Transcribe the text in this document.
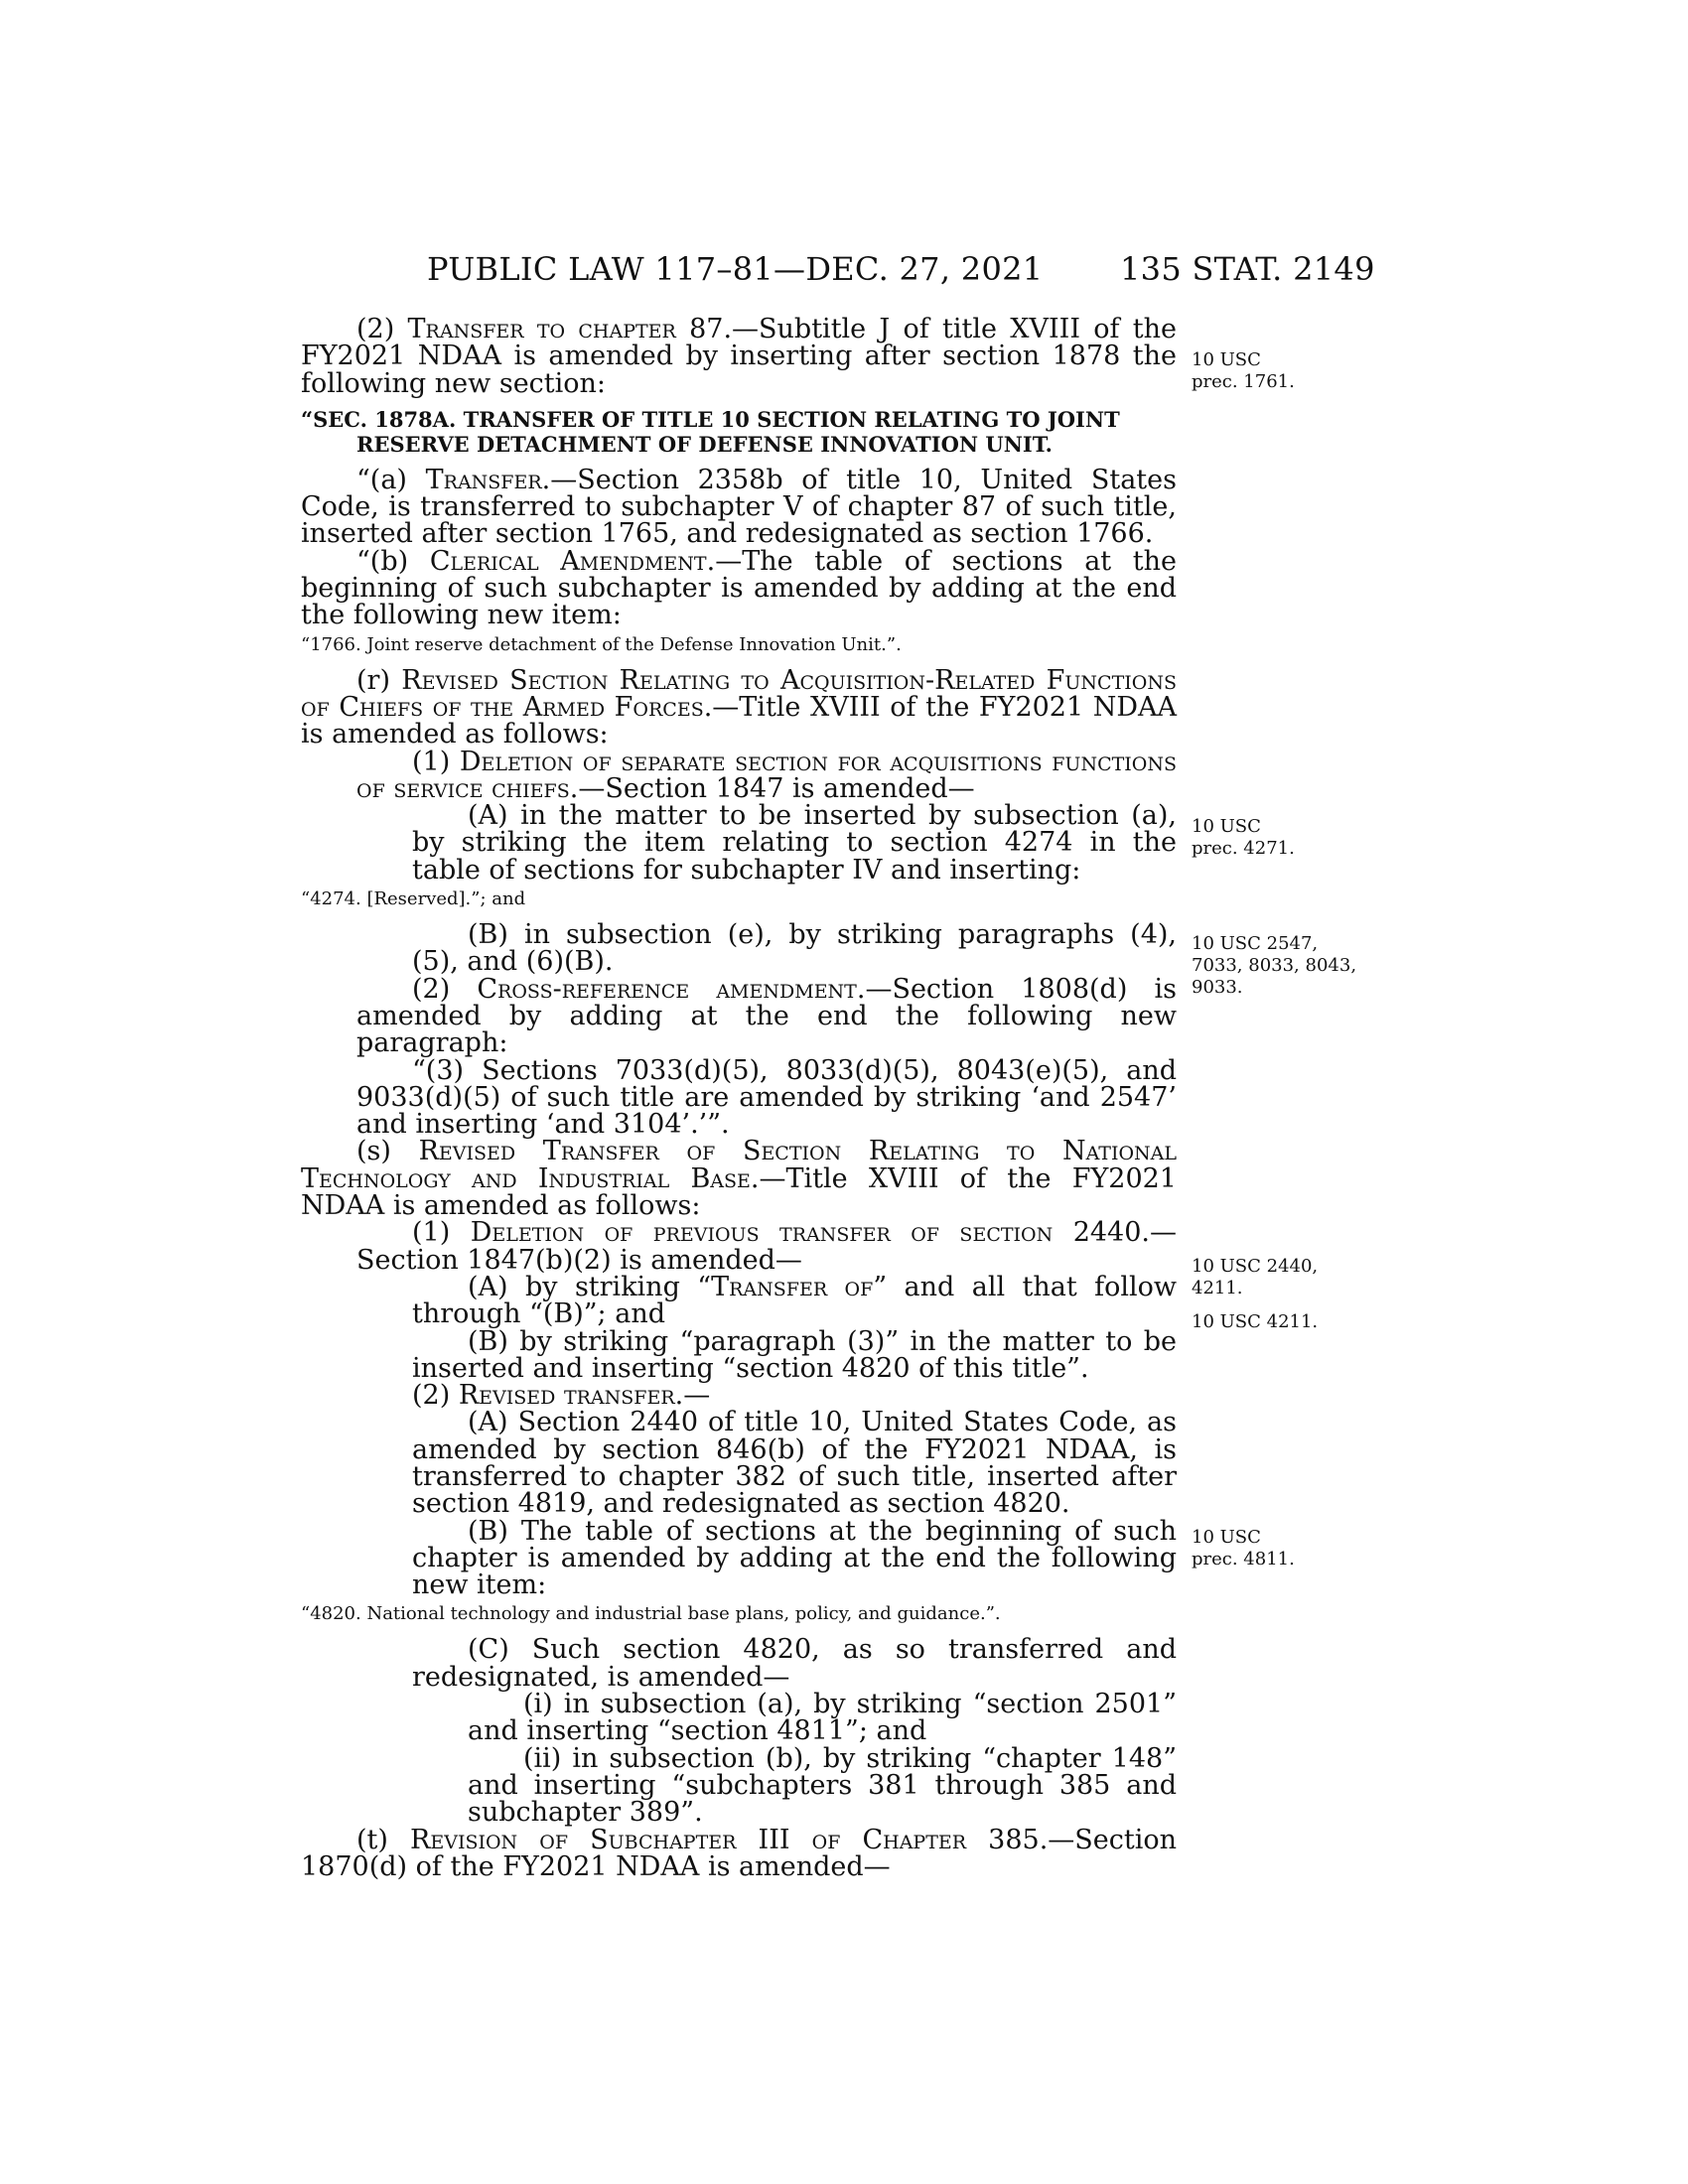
PUBLIC LAW 117–81—DEC. 27, 2021 135 STAT. 2149

(2) Transfer to chapter 87.—Subtitle J of title XVIII of the FY2021 NDAA is amended by inserting after section 1878 the following new section:

“SEC. 1878A. TRANSFER OF TITLE 10 SECTION RELATING TO JOINT RESERVE DETACHMENT OF DEFENSE INNOVATION UNIT.

“(a) Transfer.—Section 2358b of title 10, United States Code, is transferred to subchapter V of chapter 87 of such title, inserted after section 1765, and redesignated as section 1766.

“(b) Clerical Amendment.—The table of sections at the beginning of such subchapter is amended by adding at the end the following new item:

“1766. Joint reserve detachment of the Defense Innovation Unit.”.

(r) Revised Section Relating to Acquisition-Related Functions of Chiefs of the Armed Forces.—Title XVIII of the FY2021 NDAA is amended as follows:

(1) Deletion of separate section for acquisitions functions of service chiefs.—Section 1847 is amended—

(A) in the matter to be inserted by subsection (a), by striking the item relating to section 4274 in the table of sections for subchapter IV and inserting:

“4274. [Reserved].”; and

(B) in subsection (e), by striking paragraphs (4), (5), and (6)(B).

(2) Cross-reference amendment.—Section 1808(d) is amended by adding at the end the following new paragraph:

“(3) Sections 7033(d)(5), 8033(d)(5), 8043(e)(5), and 9033(d)(5) of such title are amended by striking ‘and 2547’ and inserting ‘and 3104’.’”.

(s) Revised Transfer of Section Relating to National Technology and Industrial Base.—Title XVIII of the FY2021 NDAA is amended as follows:

(1) Deletion of previous transfer of section 2440.—Section 1847(b)(2) is amended—

(A) by striking “Transfer of” and all that follow through “(B)”; and

(B) by striking “paragraph (3)” in the matter to be inserted and inserting “section 4820 of this title”.

(2) Revised transfer.—

(A) Section 2440 of title 10, United States Code, as amended by section 846(b) of the FY2021 NDAA, is transferred to chapter 382 of such title, inserted after section 4819, and redesignated as section 4820.

(B) The table of sections at the beginning of such chapter is amended by adding at the end the following new item:

“4820. National technology and industrial base plans, policy, and guidance.”.

(C) Such section 4820, as so transferred and redesignated, is amended—

(i) in subsection (a), by striking “section 2501” and inserting “section 4811”; and

(ii) in subsection (b), by striking “chapter 148” and inserting “subchapters 381 through 385 and subchapter 389”.

(t) Revision of Subchapter III of Chapter 385.—Section 1870(d) of the FY2021 NDAA is amended—

10 USC
prec. 1761.
10 USC
prec. 4271.
10 USC 2547,
7033, 8033, 8043,
9033.
10 USC 2440,
4211.
10 USC 4211.
10 USC
prec. 4811.
